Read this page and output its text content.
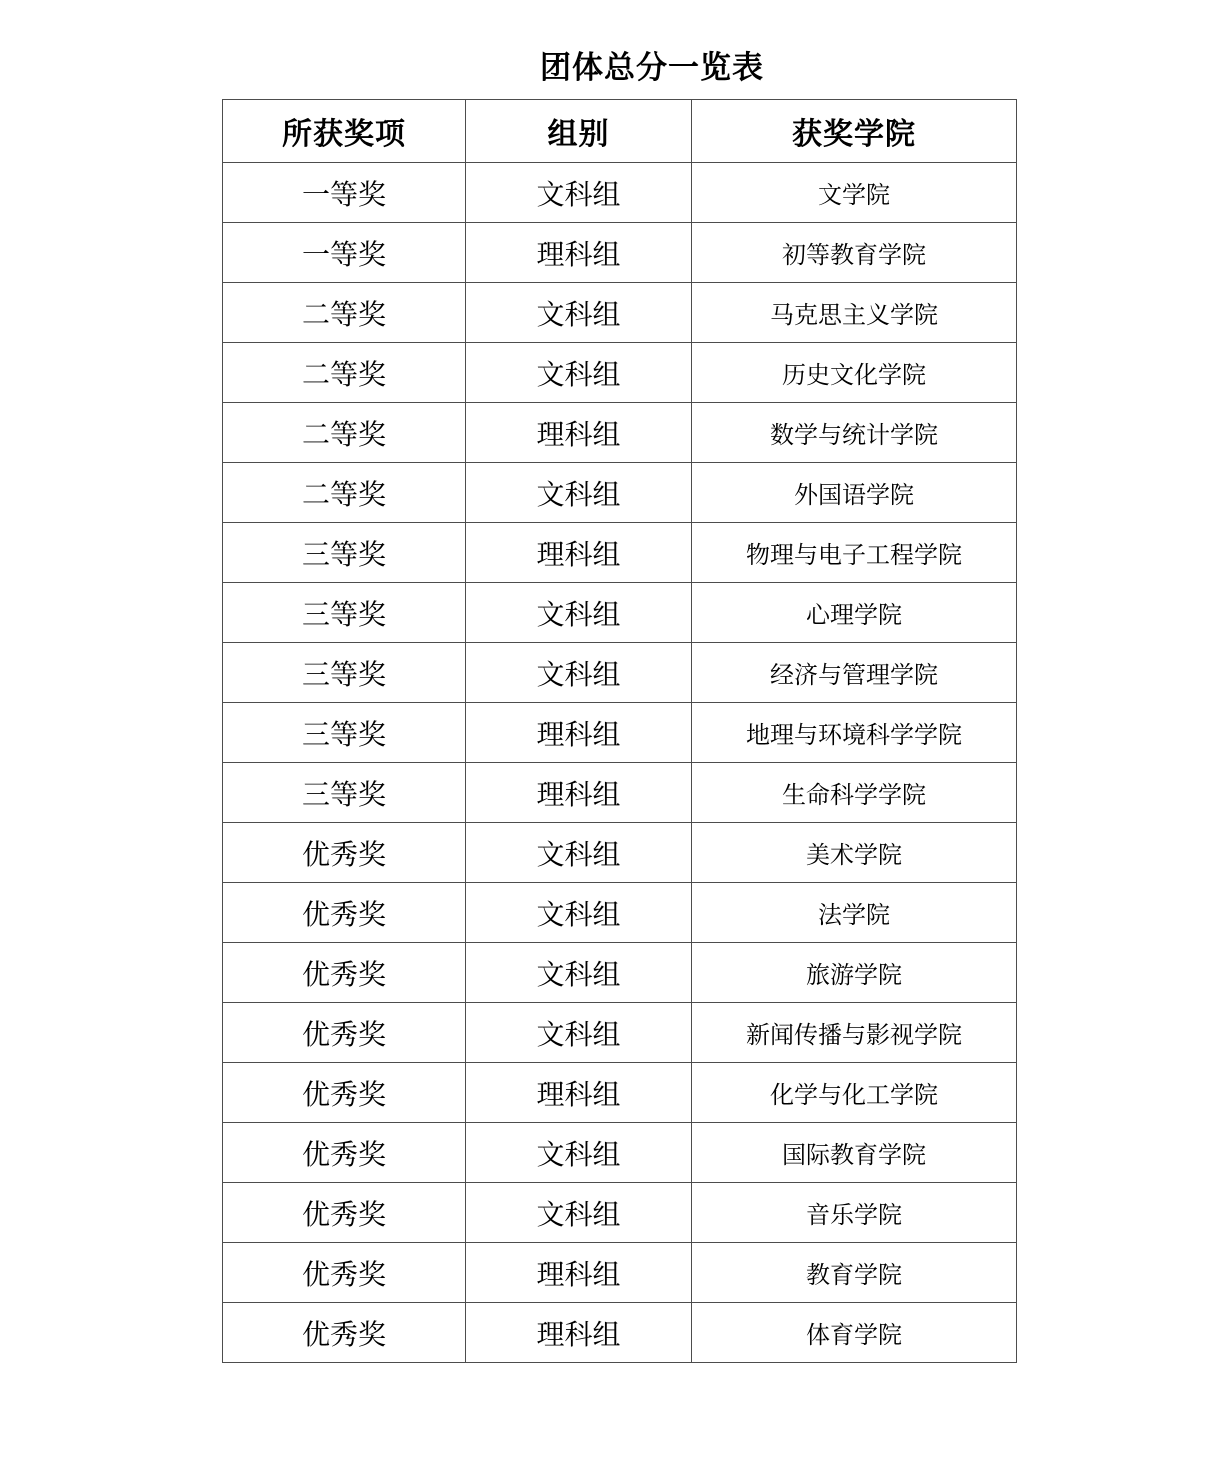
团体总分一览表
所获奖项	组别	获奖学院
一等奖	文科组	文学院
一等奖	理科组	初等教育学院
二等奖	文科组	马克思主义学院
二等奖	文科组	历史文化学院
二等奖	理科组	数学与统计学院
二等奖	文科组	外国语学院
三等奖	理科组	物理与电子工程学院
三等奖	文科组	心理学院
三等奖	文科组	经济与管理学院
三等奖	理科组	地理与环境科学学院
三等奖	理科组	生命科学学院
优秀奖	文科组	美术学院
优秀奖	文科组	法学院
优秀奖	文科组	旅游学院
优秀奖	文科组	新闻传播与影视学院
优秀奖	理科组	化学与化工学院
优秀奖	文科组	国际教育学院
优秀奖	文科组	音乐学院
优秀奖	理科组	教育学院
优秀奖	理科组	体育学院
